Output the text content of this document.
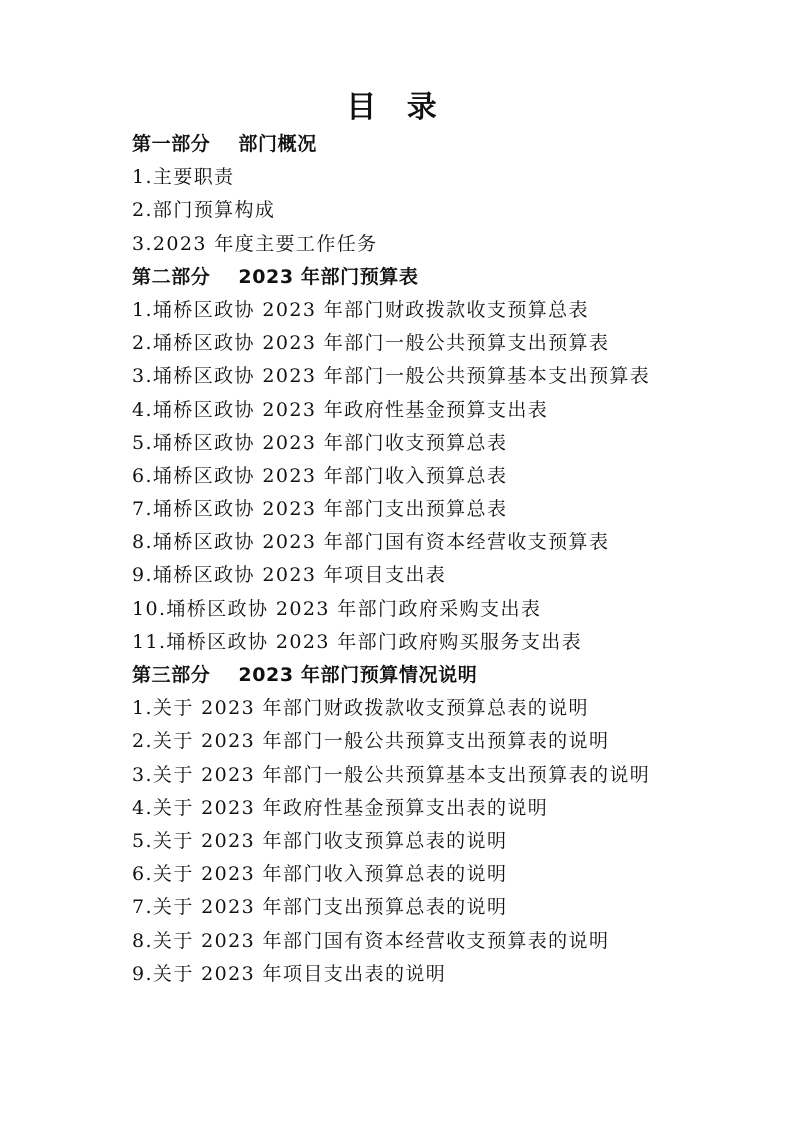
目 录
第一部分 部门概况
1.主要职责
2.部门预算构成
3.2023 年度主要工作任务
第二部分 2023 年部门预算表
1.埇桥区政协 2023 年部门财政拨款收支预算总表
2.埇桥区政协 2023 年部门一般公共预算支出预算表
3.埇桥区政协 2023 年部门一般公共预算基本支出预算表
4.埇桥区政协 2023 年政府性基金预算支出表
5.埇桥区政协 2023 年部门收支预算总表
6.埇桥区政协 2023 年部门收入预算总表
7.埇桥区政协 2023 年部门支出预算总表
8.埇桥区政协 2023 年部门国有资本经营收支预算表
9.埇桥区政协 2023 年项目支出表
10.埇桥区政协 2023 年部门政府采购支出表
11.埇桥区政协 2023 年部门政府购买服务支出表
第三部分 2023 年部门预算情况说明
1.关于 2023 年部门财政拨款收支预算总表的说明
2.关于 2023 年部门一般公共预算支出预算表的说明
3.关于 2023 年部门一般公共预算基本支出预算表的说明
4.关于 2023 年政府性基金预算支出表的说明
5.关于 2023 年部门收支预算总表的说明
6.关于 2023 年部门收入预算总表的说明
7.关于 2023 年部门支出预算总表的说明
8.关于 2023 年部门国有资本经营收支预算表的说明
9.关于 2023 年项目支出表的说明
